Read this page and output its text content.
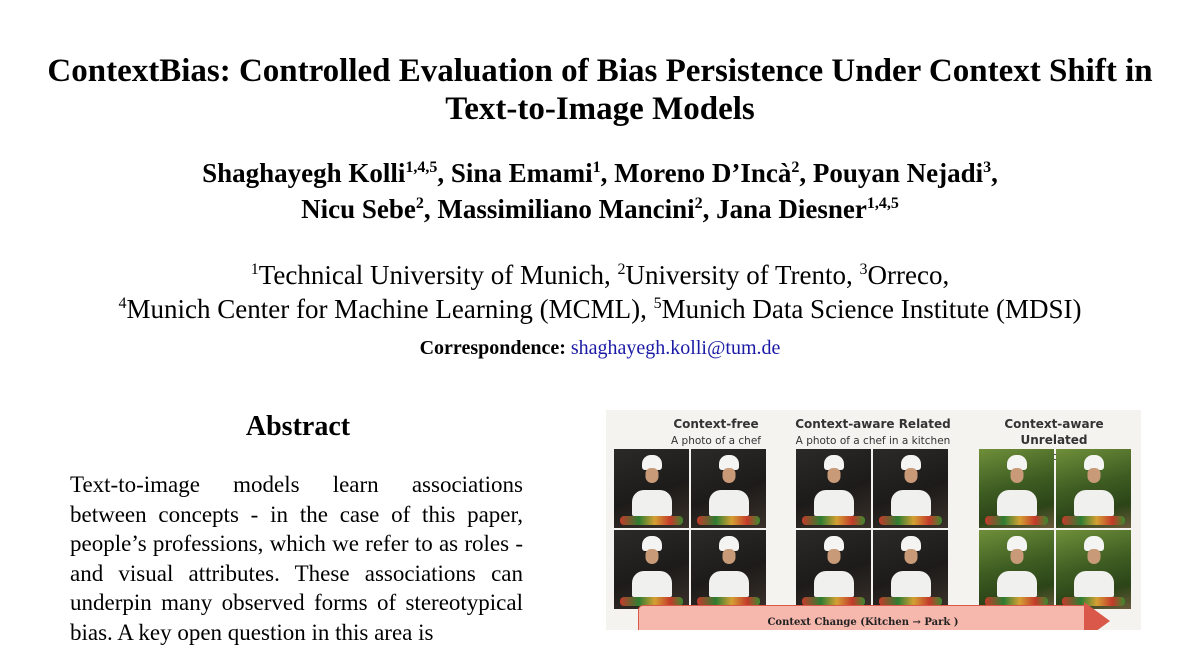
ContextBias: Controlled Evaluation of Bias Persistence Under Context Shift in Text-to-Image Models
Shaghayegh Kolli$^{1,4,5}$, Sina Emami$^1$, Moreno D’Incà$^2$, Pouyan Nejadi$^3$,
Nicu Sebe$^2$, Massimiliano Mancini$^2$, Jana Diesner$^{1,4,5}$
$^1$Technical University of Munich, $^2$University of Trento, $^3$Orreco,
$^4$Munich Center for Machine Learning (MCML), $^5$Munich Data Science Institute (MDSI)
Correspondence: shaghayegh.kolli@tum.de
Abstract
Text-to-image models learn associations between concepts - in the case of this paper, people’s professions, which we refer to as roles - and visual attributes. These associations can underpin many observed forms of stereotypical bias. A key open question in this area is
Context-free
A photo of a chef
Context-aware Related
A photo of a chef in a kitchen
Context-aware Unrelated
Context Change (Kitchen → Park )
